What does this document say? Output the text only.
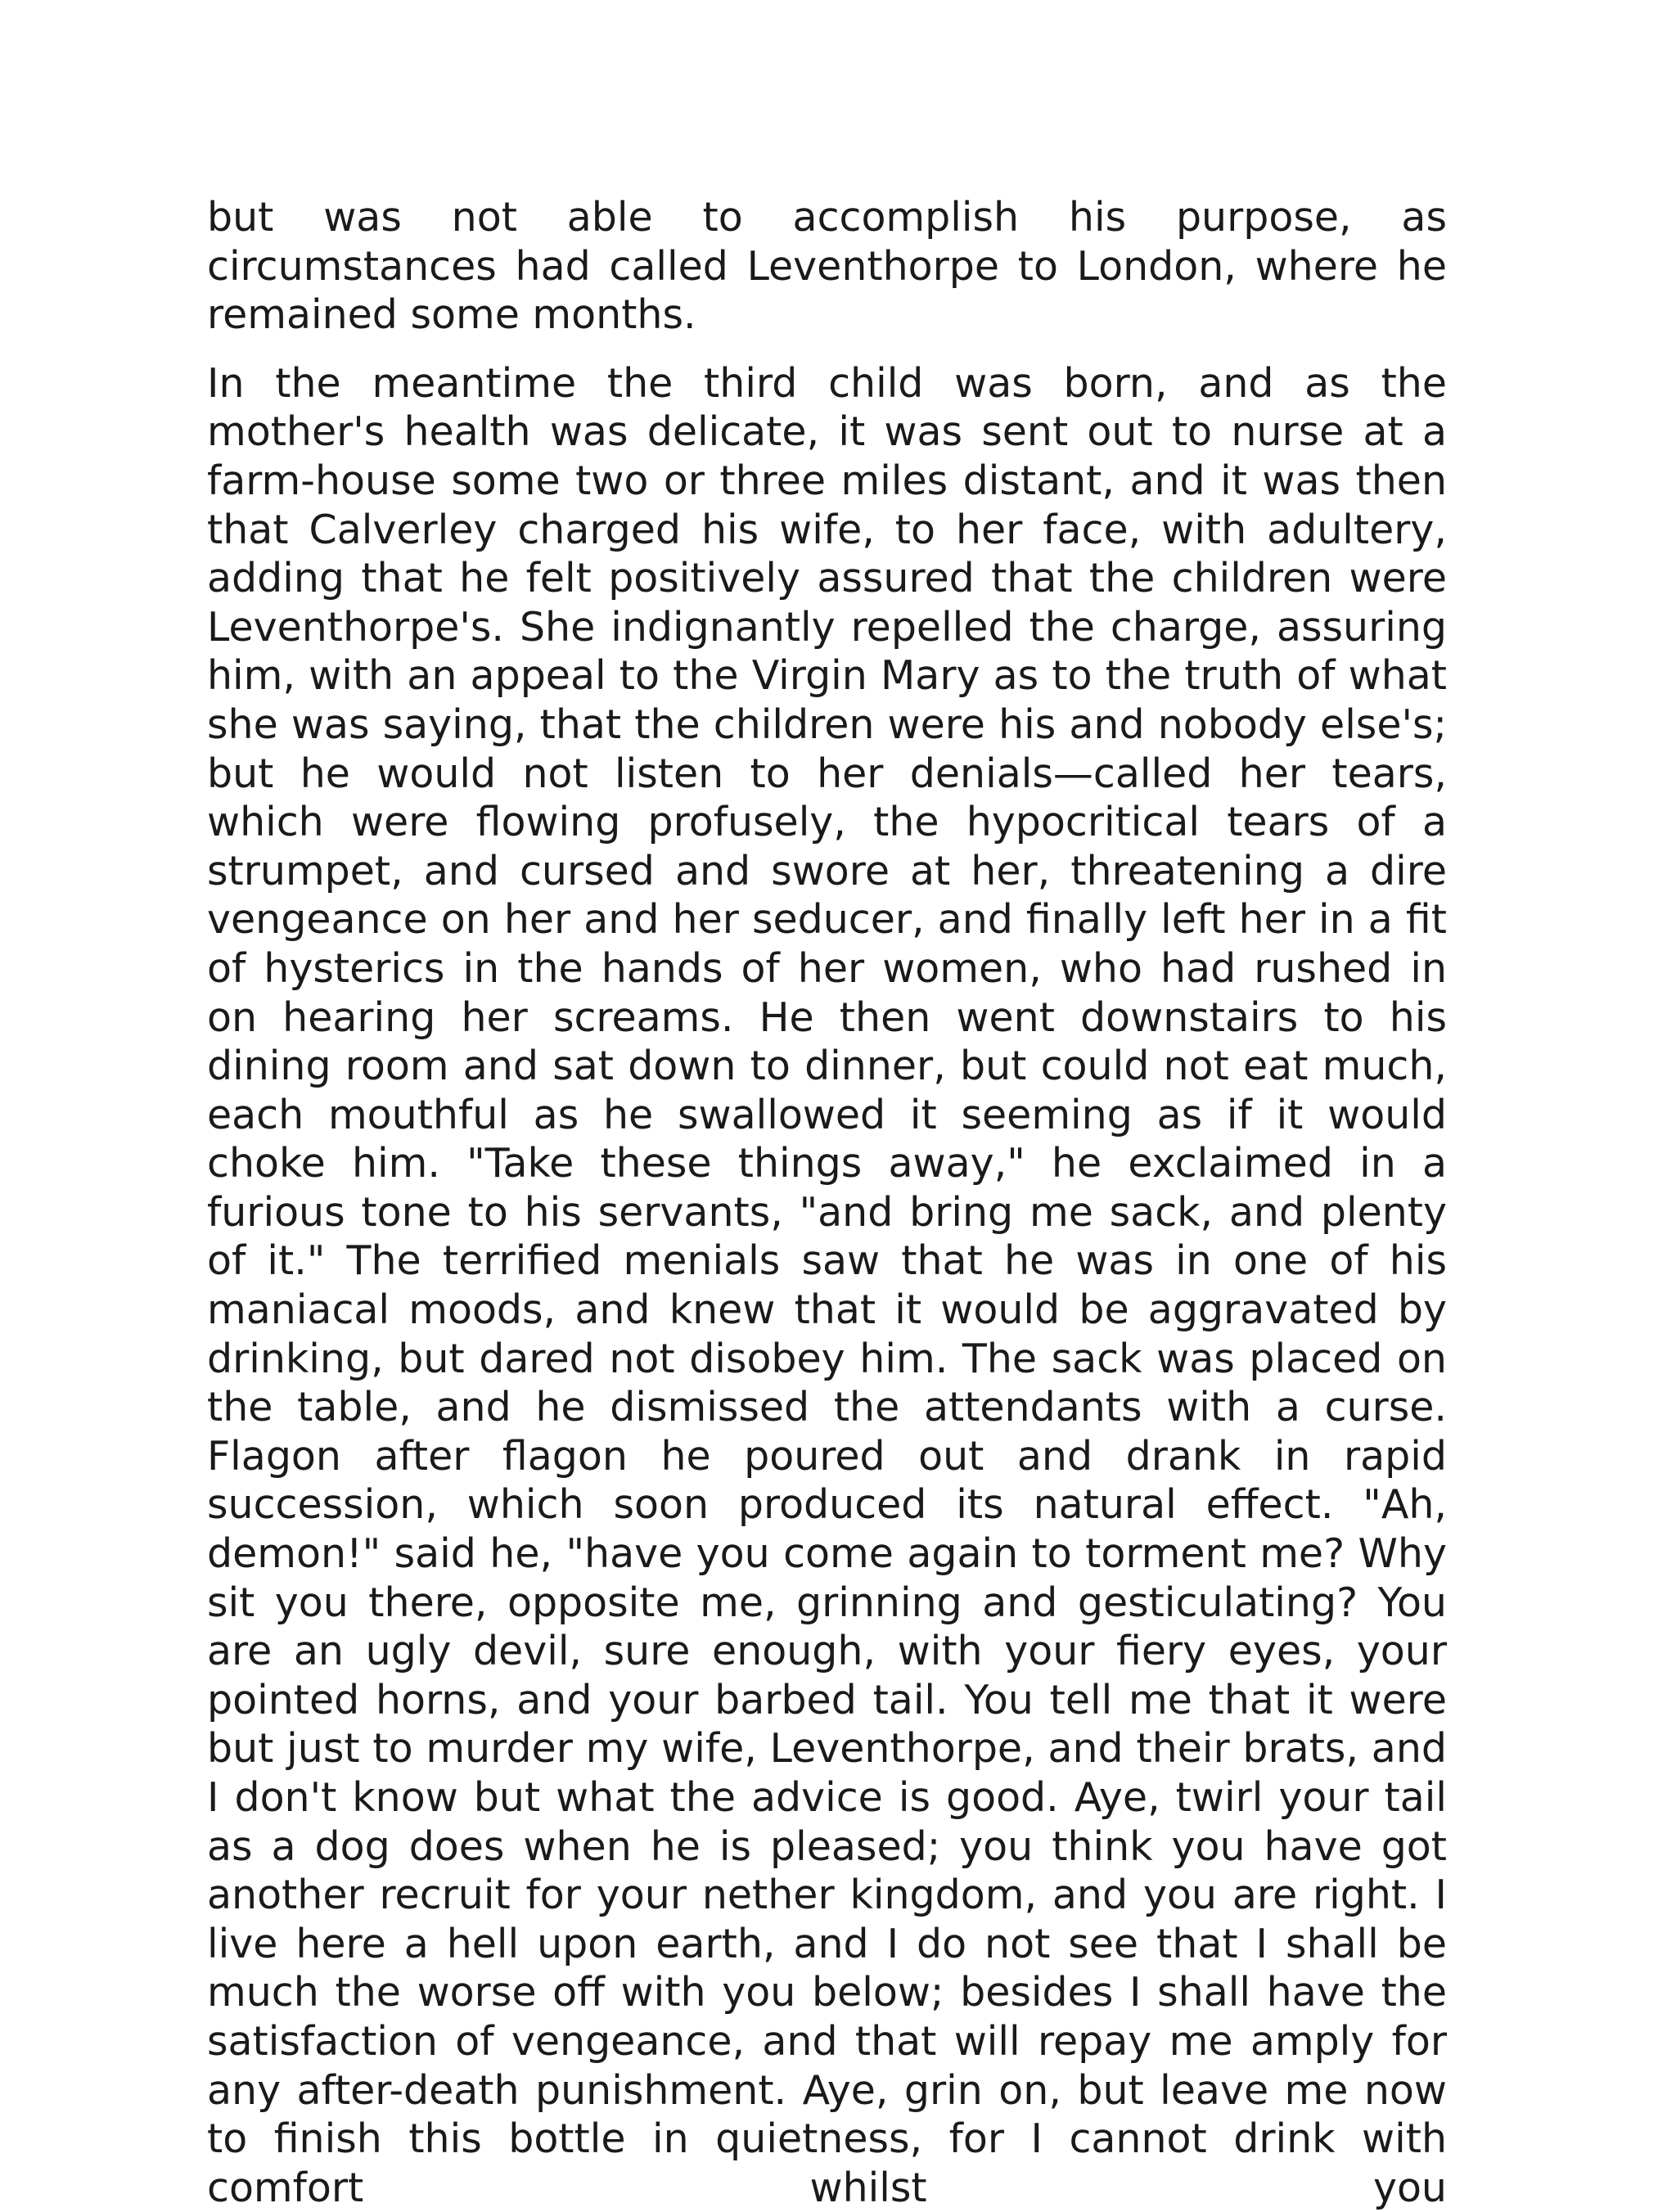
but was not able to accomplish his purpose, as circumstances had called Leventhorpe to London, where he remained some months.

In the meantime the third child was born, and as the mother's health was delicate, it was sent out to nurse at a farm-house some two or three miles distant, and it was then that Calverley charged his wife, to her face, with adultery, adding that he felt positively assured that the children were Leventhorpe's. She indignantly repelled the charge, assuring him, with an appeal to the Virgin Mary as to the truth of what she was saying, that the children were his and nobody else's; but he would not listen to her denials—called her tears, which were flowing profusely, the hypocritical tears of a strumpet, and cursed and swore at her, threatening a dire vengeance on her and her seducer, and finally left her in a fit of hysterics in the hands of her women, who had rushed in on hearing her screams. He then went downstairs to his dining room and sat down to dinner, but could not eat much, each mouthful as he swallowed it seeming as if it would choke him. "Take these things away," he exclaimed in a furious tone to his servants, "and bring me sack, and plenty of it." The terrified menials saw that he was in one of his maniacal moods, and knew that it would be aggravated by drinking, but dared not disobey him. The sack was placed on the table, and he dismissed the attendants with a curse. Flagon after flagon he poured out and drank in rapid succession, which soon produced its natural effect. "Ah, demon!" said he, "have you come again to torment me? Why sit you there, opposite me, grinning and gesticulating? You are an ugly devil, sure enough, with your fiery eyes, your pointed horns, and your barbed tail. You tell me that it were but just to murder my wife, Leventhorpe, and their brats, and I don't know but what the advice is good. Aye, twirl your tail as a dog does when he is pleased; you think you have got another recruit for your nether kingdom, and you are right. I live here a hell upon earth, and I do not see that I shall be much the worse off with you below; besides I shall have the satisfaction of vengeance, and that will repay me amply for any after-death punishment. Aye, grin on, but leave me now to finish this bottle in quietness, for I cannot drink with comfort whilst you
